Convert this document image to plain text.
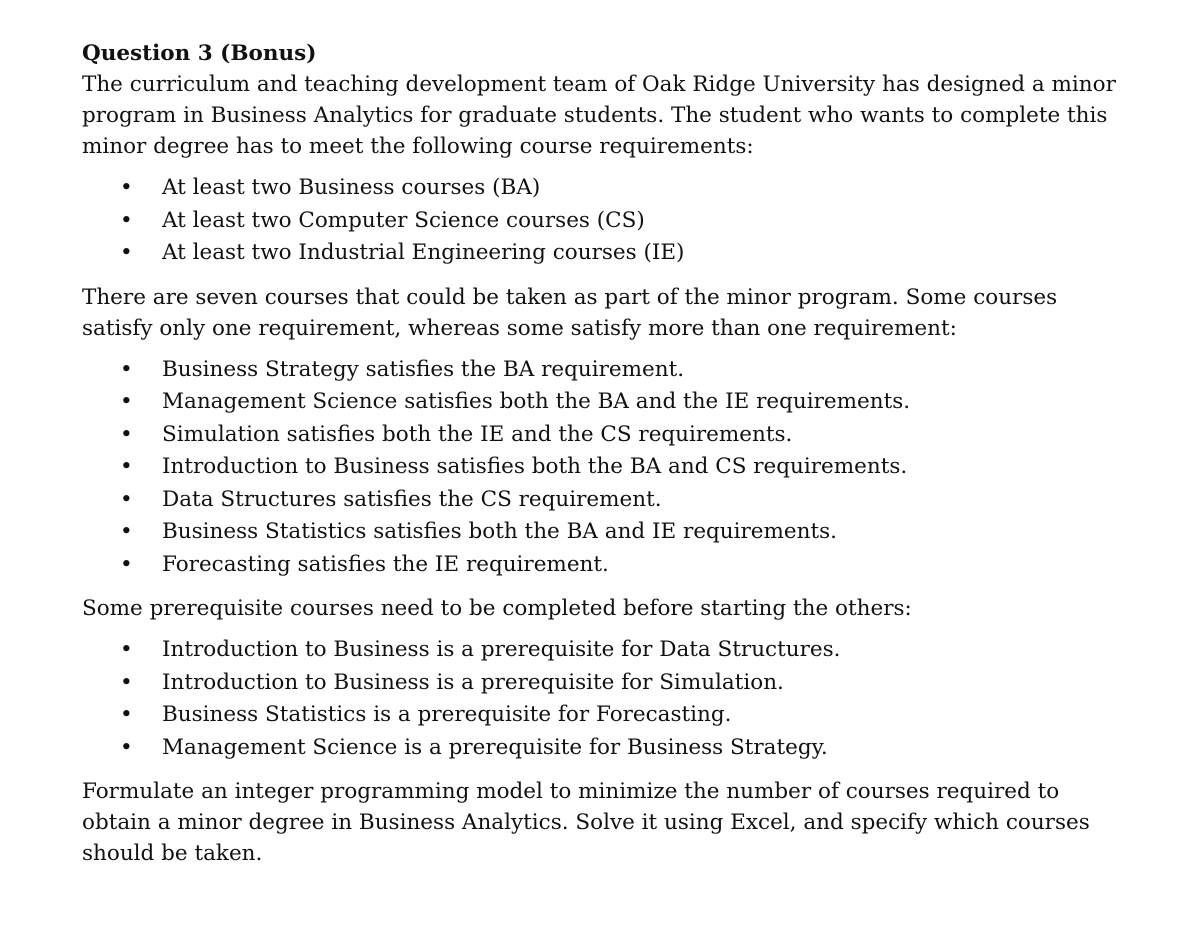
Question 3 (Bonus)

The curriculum and teaching development team of Oak Ridge University has designed a minor program in Business Analytics for graduate students. The student who wants to complete this minor degree has to meet the following course requirements:

• At least two Business courses (BA)
• At least two Computer Science courses (CS)
• At least two Industrial Engineering courses (IE)

There are seven courses that could be taken as part of the minor program. Some courses satisfy only one requirement, whereas some satisfy more than one requirement:

• Business Strategy satisfies the BA requirement.
• Management Science satisfies both the BA and the IE requirements.
• Simulation satisfies both the IE and the CS requirements.
• Introduction to Business satisfies both the BA and CS requirements.
• Data Structures satisfies the CS requirement.
• Business Statistics satisfies both the BA and IE requirements.
• Forecasting satisfies the IE requirement.

Some prerequisite courses need to be completed before starting the others:

• Introduction to Business is a prerequisite for Data Structures.
• Introduction to Business is a prerequisite for Simulation.
• Business Statistics is a prerequisite for Forecasting.
• Management Science is a prerequisite for Business Strategy.

Formulate an integer programming model to minimize the number of courses required to obtain a minor degree in Business Analytics. Solve it using Excel, and specify which courses should be taken.
